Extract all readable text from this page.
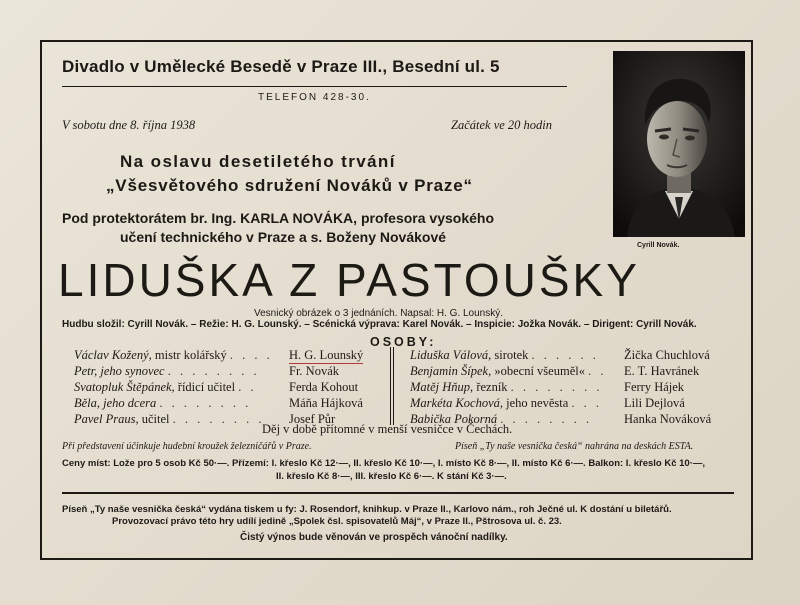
Divadlo v Umělecké Besedě v Praze III., Besední ul. 5
TELEFON 428-30.
V sobotu dne 8. října 1938	Začátek ve 20 hodin
Na oslavu desetiletého trvání
„Všesvětového sdružení Nováků v Praze“
Pod protektorátem br. Ing. KARLA NOVÁKA, profesora vysokého
učení technického v Praze a s. Boženy Novákové
Cyrill Novák.
LIDUŠKA Z PASTOUŠKY
Vesnický obrázek o 3 jednáních. Napsal: H. G. Lounský.
Hudbu složil: Cyrill Novák. – Režie: H. G. Lounský. – Scénická výprava: Karel Novák. – Inspicie: Jožka Novák. – Dirigent: Cyrill Novák.
OSOBY:
Václav Kožený, mistr kolářský . . . . H. G. Lounský
Petr, jeho synovec . . . . . . . . Fr. Novák
Svatopluk Štěpánek, řídicí učitel . .	Ferda Kohout
Běla, jeho dcera . . . . . . . .	Máňa Hájková
Pavel Praus, učitel . . . . . . . . Josef Půr
Liduška Válová, sirotek . . . . . . Žička Chuchlová
Benjamin Šípek, »obecní všeuměl« . . E. T. Havránek
Matěj Hňup, řezník . . . . . . . . Ferry Hájek
Markéta Kochová, jeho nevěsta . . . Lili Dejlová
Babička Pokorná . . . . . . . .	Hanka Nováková
Děj v době přítomné v menší vesničce v Čechách.
Při představení účinkuje hudební kroužek železničářů v Praze.	Píseň „Ty naše vesnička česká“ nahrána na deskách ESTA.
Ceny míst: Lože pro 5 osob Kč 50·—. Přízemí: I. křeslo Kč 12·—, II. křeslo Kč 10·—, I. místo Kč 8·—, II. místo Kč 6·—. Balkon: I. křeslo Kč 10·—,
II. křeslo Kč 8·—, III. křeslo Kč 6·—. K stání Kč 3·—.
Píseň „Ty naše vesnička česká“ vydána tiskem u fy: J. Rosendorf, knihkup. v Praze II., Karlovo nám., roh Ječné ul. K dostání u biletářů.
Provozovací právo této hry udílí jedině „Spolek čsl. spisovatelů Máj“, v Praze II., Pštrosova ul. č. 23.
Čistý výnos bude věnován ve prospěch vánoční nadílky.
